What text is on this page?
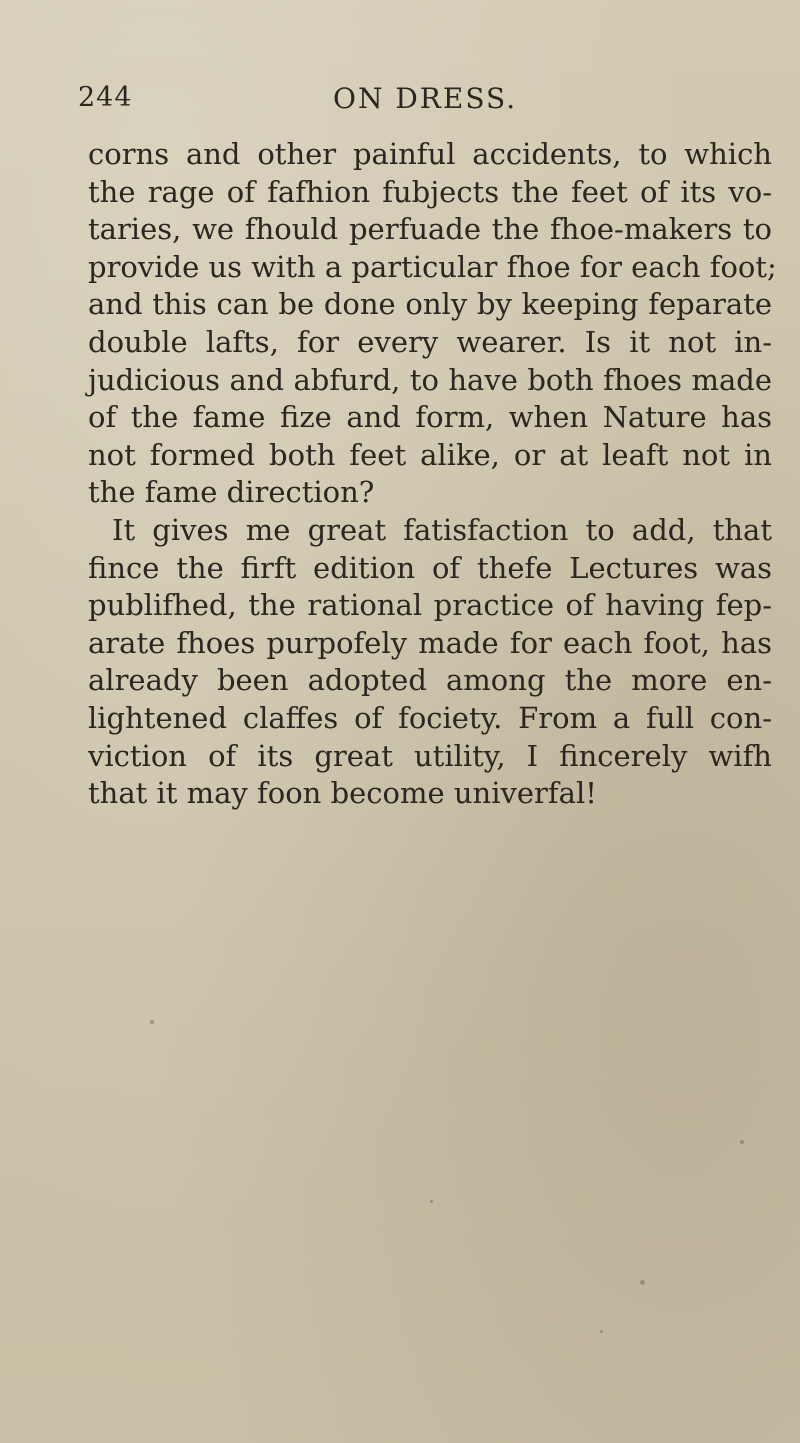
244	ON DRESS.
corns and other painful accidents, to which
the rage of fafhion fubjects the feet of its vo-
taries, we fhould perfuade the fhoe-makers to
provide us with a particular fhoe for each foot;
and this can be done only by keeping feparate
double lafts, for every wearer. Is it not in-
judicious and abfurd, to have both fhoes made
of the fame fize and form, when Nature has
not formed both feet alike, or at leaft not in
the fame direction?
It gives me great fatisfaction to add, that
fince the firft edition of thefe Lectures was
publifhed, the rational practice of having fep-
arate fhoes purpofely made for each foot, has
already been adopted among the more en-
lightened claffes of fociety. From a full con-
viction of its great utility, I fincerely wifh
that it may foon become univerfal!
